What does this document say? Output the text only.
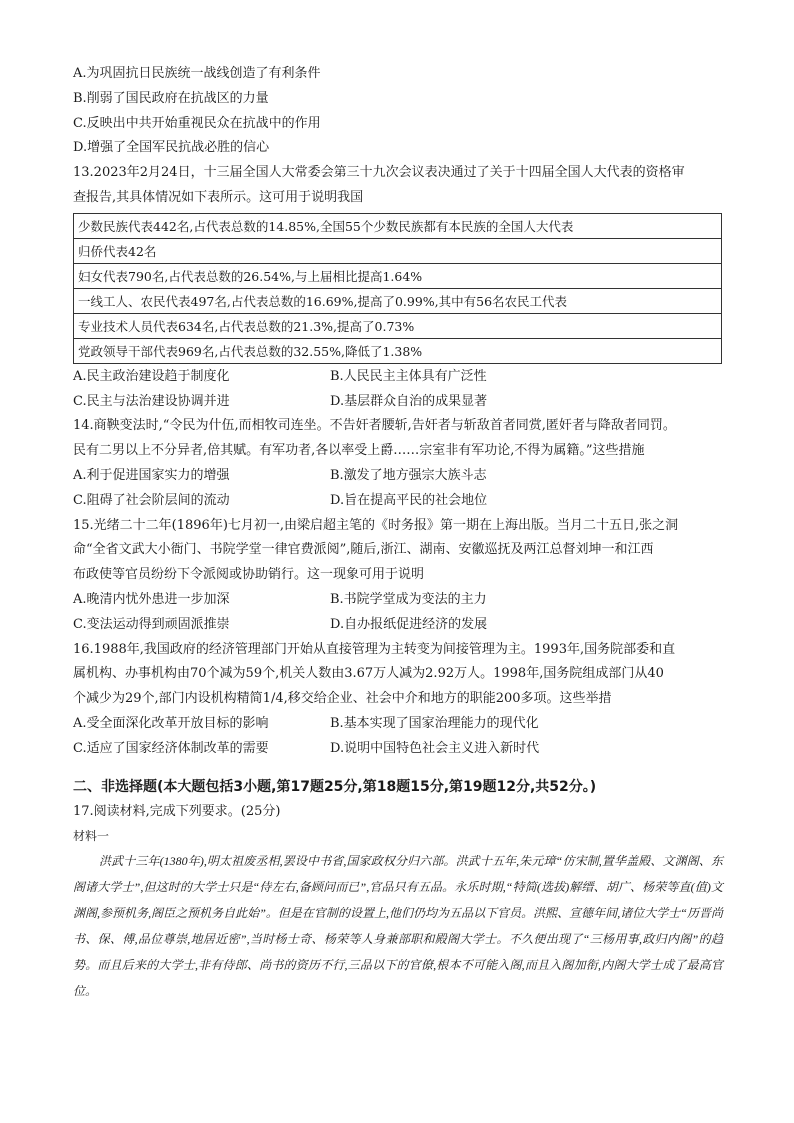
A.为巩固抗日民族统一战线创造了有利条件
B.削弱了国民政府在抗战区的力量
C.反映出中共开始重视民众在抗战中的作用
D.增强了全国军民抗战必胜的信心
13.2023年2月24日，十三届全国人大常委会第三十九次会议表决通过了关于十四届全国人大代表的资格审
查报告,其具体情况如下表所示。这可用于说明我国
少数民族代表442名,占代表总数的14.85%,全国55个少数民族都有本民族的全国人大代表
归侨代表42名
妇女代表790名,占代表总数的26.54%,与上届相比提高1.64%
一线工人、农民代表497名,占代表总数的16.69%,提高了0.99%,其中有56名农民工代表
专业技术人员代表634名,占代表总数的21.3%,提高了0.73%
党政领导干部代表969名,占代表总数的32.55%,降低了1.38%
A.民主政治建设趋于制度化	B.人民民主主体具有广泛性
C.民主与法治建设协调并进	D.基层群众自治的成果显著
14.商鞅变法时,“令民为什伍,而相牧司连坐。不告奸者腰斩,告奸者与斩敌首者同赏,匿奸者与降敌者同罚。
民有二男以上不分异者,倍其赋。有军功者,各以率受上爵……宗室非有军功论,不得为属籍。”这些措施
A.利于促进国家实力的增强	B.激发了地方强宗大族斗志
C.阻碍了社会阶层间的流动	D.旨在提高平民的社会地位
15.光绪二十二年(1896年)七月初一,由梁启超主笔的《时务报》第一期在上海出版。当月二十五日,张之洞
命“全省文武大小衙门、书院学堂一律官费派阅”,随后,浙江、湖南、安徽巡抚及两江总督刘坤一和江西
布政使等官员纷纷下令派阅或协助销行。这一现象可用于说明
A.晚清内忧外患进一步加深	B.书院学堂成为变法的主力
C.变法运动得到顽固派推崇	D.自办报纸促进经济的发展
16.1988年,我国政府的经济管理部门开始从直接管理为主转变为间接管理为主。1993年,国务院部委和直
属机构、办事机构由70个减为59个,机关人数由3.67万人减为2.92万人。1998年,国务院组成部门从40
个减少为29个,部门内设机构精简1/4,移交给企业、社会中介和地方的职能200多项。这些举措
A.受全面深化改革开放目标的影响	B.基本实现了国家治理能力的现代化
C.适应了国家经济体制改革的需要	D.说明中国特色社会主义进入新时代
二、非选择题(本大题包括3小题,第17题25分,第18题15分,第19题12分,共52分。)
17.阅读材料,完成下列要求。(25分)
材料一
洪武十三年(1380年),明太祖废丞相,罢设中书省,国家政权分归六部。洪武十五年,朱元璋“仿宋制,置华盖殿、文渊阁、东阁诸大学士”,但这时的大学士只是“侍左右,备顾问而已”,官品只有五品。永乐时期,“特简(选拔)解缙、胡广、杨荣等直(值)文渊阁,参预机务,阁臣之预机务自此始”。但是在官制的设置上,他们仍均为五品以下官员。洪熙、宣德年间,诸位大学士“历晋尚书、保、傅,品位尊崇,地居近密”,当时杨士奇、杨荣等人身兼部职和殿阁大学士。不久便出现了“三杨用事,政归内阁”的趋势。而且后来的大学士,非有侍郎、尚书的资历不行,三品以下的官僚,根本不可能入阁,而且入阁加衔,内阁大学士成了最高官位。
